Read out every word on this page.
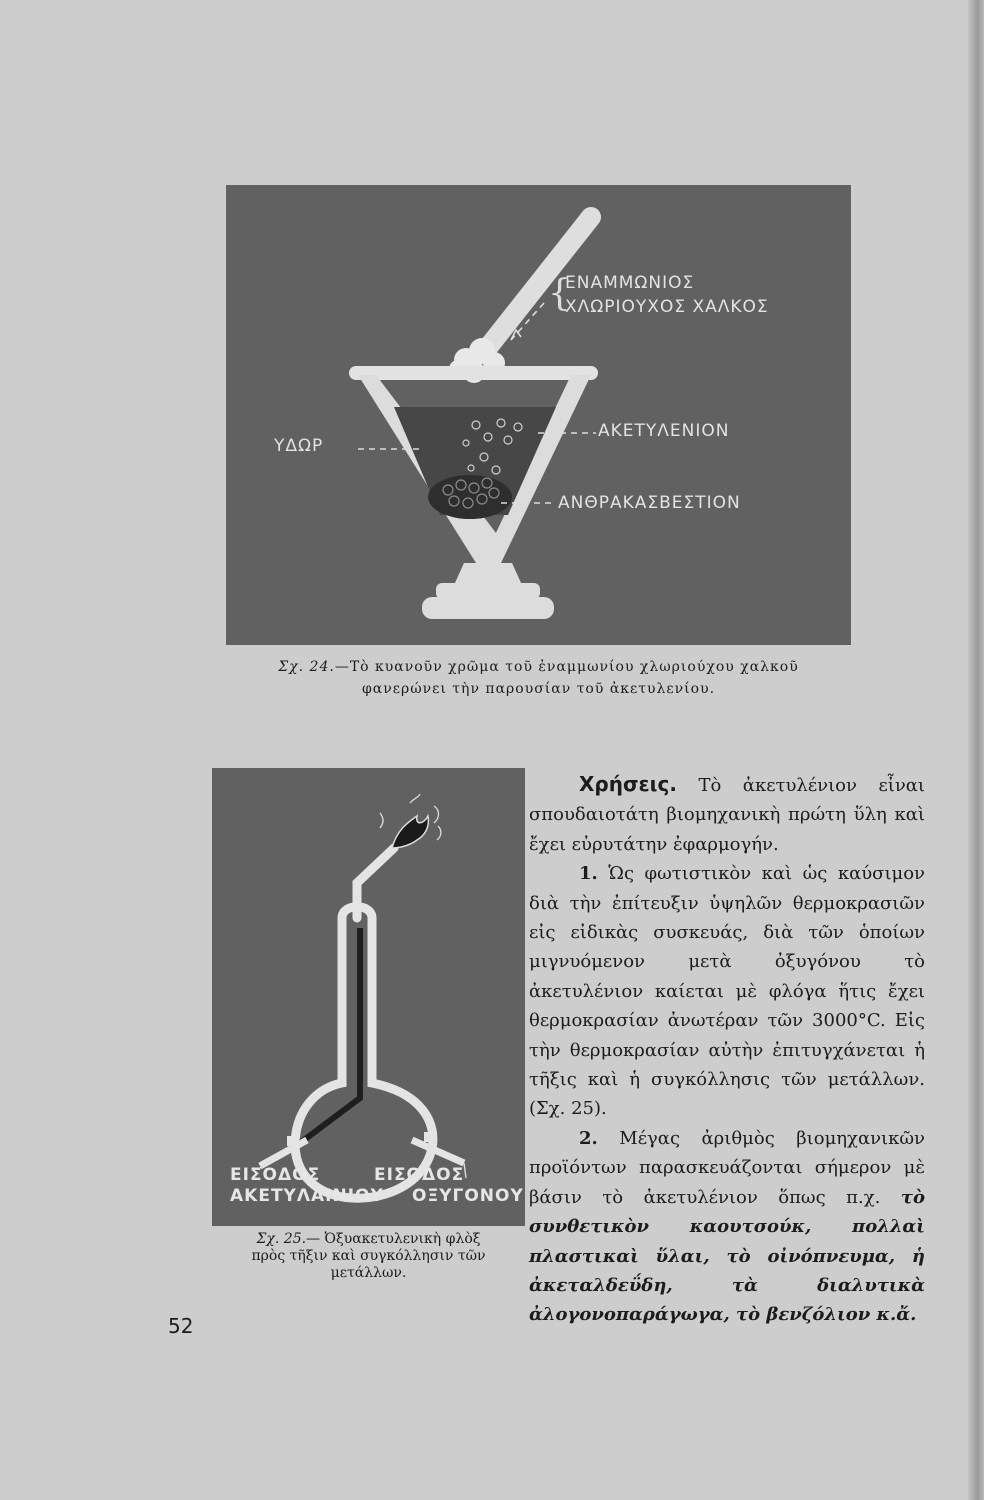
{
ΕΝΑΜΜΩΝΙΟΣ
ΧΛΩΡΙΟΥΧΟΣ ΧΑΛΚΟΣ
ΥΔΩΡ
ΑΚΕΤΥΛΕΝΙΟΝ
ΑΝΘΡΑΚΑΣΒΕΣΤΙΟΝ
Σχ. 24.—Τὸ κυανοῦν χρῶμα τοῦ ἐναμμωνίου χλωριούχου χαλκοῦ
φανερώνει τὴν παρουσίαν τοῦ ἀκετυλενίου.
ΕΙΣΟΔΟΣ
ΑΚΕΤΥΛΑΙΝΙΟΥ
ΕΙΣΟΔΟΣ
ΟΞΥΓΟΝΟΥ
Σχ. 25.— Ὀξυακετυλενικὴ φλὸξ
πρὸς τῆξιν καὶ συγκόλλησιν τῶν
μετάλλων.

Χρήσεις. Τὸ ἀκετυλένιον εἶναι σπουδαιοτάτη βιομηχανικὴ πρώτη ὕλη καὶ ἔχει εὐρυτάτην ἐφαρμογήν.

1. Ὡς φωτιστικὸν καὶ ὡς καύσιμον διὰ τὴν ἐπίτευξιν ὑψηλῶν θερμοκρασιῶν εἰς εἰδικὰς συσκευάς, διὰ τῶν ὁποίων μιγνυόμενον μετὰ ὀξυγόνου τὸ ἀκετυλένιον καίεται μὲ φλόγα ἥτις ἔχει θερμοκρασίαν ἀνωτέραν τῶν 3000°C. Εἰς τὴν θερμοκρασίαν αὐτὴν ἐπιτυγχάνεται ἡ τῆξις καὶ ἡ συγκόλλησις τῶν μετάλλων. (Σχ. 25).

2. Μέγας ἀριθμὸς βιομηχανικῶν προϊόντων παρασκευάζονται σήμερον μὲ βάσιν τὸ ἀκετυλένιον ὅπως π.χ. τὸ συνθετικὸν καουτσούκ, πολλαὶ πλαστικαὶ ὕλαι, τὸ οἰνόπνευμα, ἡ ἀκεταλδεΰδη, τὰ διαλυτικὰ ἀλογονοπαράγωγα, τὸ βενζόλιον κ.ἄ.

52
